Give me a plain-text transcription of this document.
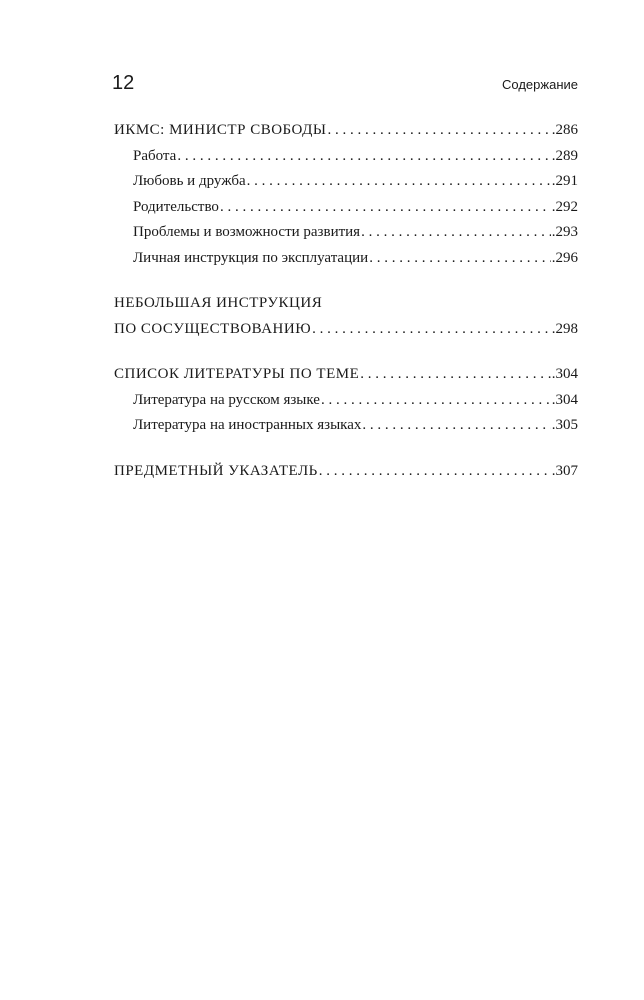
12	Содержание
ИКМС: МИНИСТР СВОБОДЫ . . .	.286
Работа . . .	.289
Любовь и дружба . . .	.291
Родительство . . .	.292
Проблемы и возможности развития . . .	.293
Личная инструкция по эксплуатации . . .	.296
НЕБОЛЬШАЯ ИНСТРУКЦИЯ
ПО СОСУЩЕСТВОВАНИЮ . . .	.298
СПИСОК ЛИТЕРАТУРЫ ПО ТЕМЕ . . .	.304
Литература на русском языке . . .	.304
Литература на иностранных языках . . .	.305
ПРЕДМЕТНЫЙ УКАЗАТЕЛЬ . . .	.307
